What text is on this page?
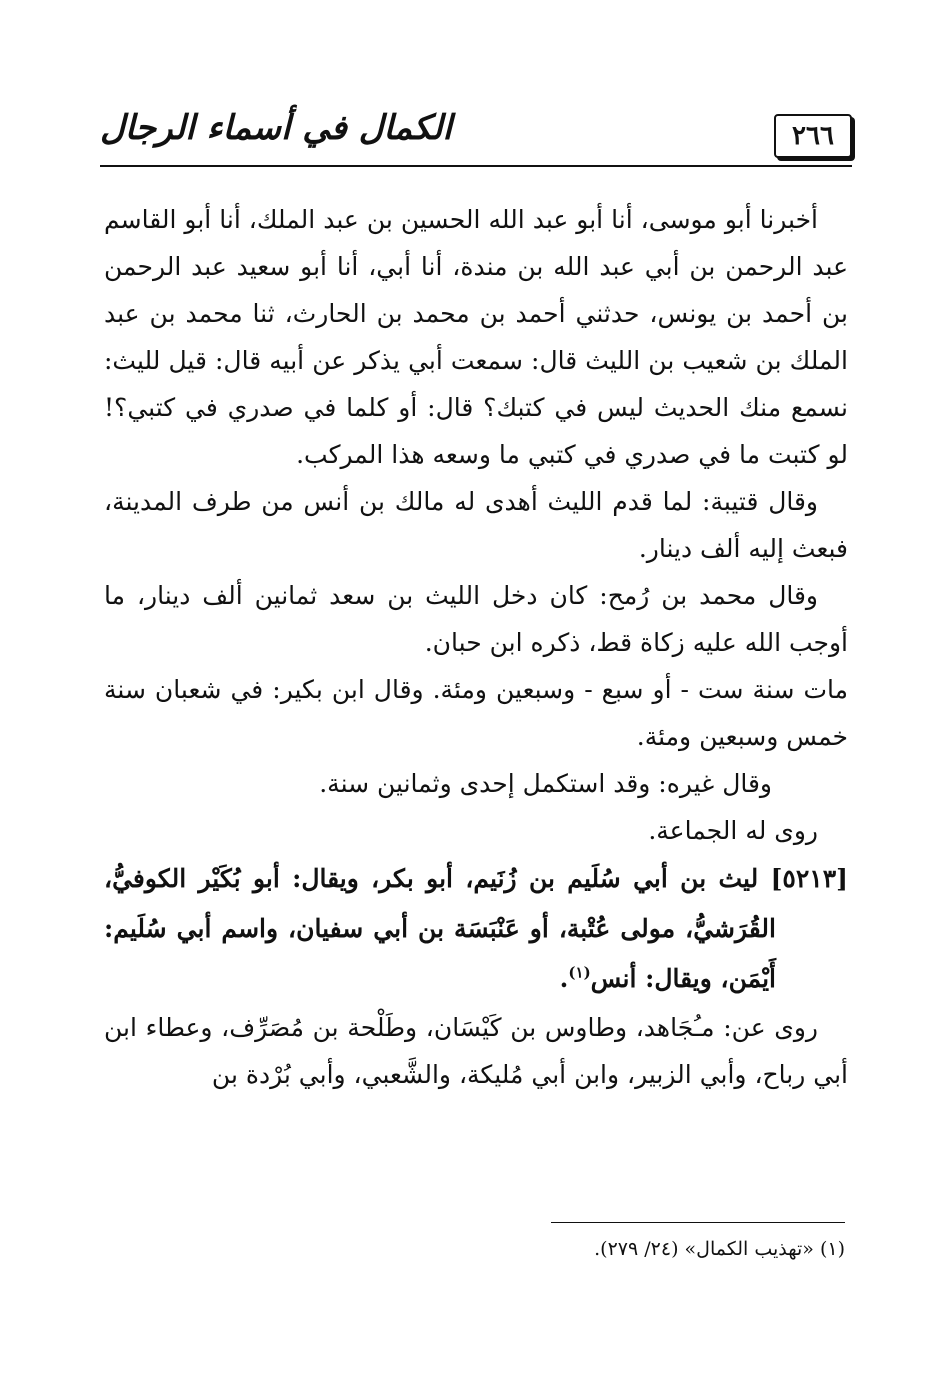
٢٦٦
الكمال في أسماء الرجال

أخبرنا أبو موسى، أنا أبو عبد الله الحسين بن عبد الملك، أنا أبو القاسم عبد الرحمن بن أبي عبد الله بن مندة، أنا أبي، أنا أبو سعيد عبد الرحمن بن أحمد بن يونس، حدثني أحمد بن محمد بن الحارث، ثنا محمد بن عبد الملك بن شعيب بن الليث قال: سمعت أبي يذكر عن أبيه قال: قيل لليث: نسمع منك الحديث ليس في كتبك؟ قال: أو كلما في صدري في كتبي؟! لو كتبت ما في صدري في كتبي ما وسعه هذا المركب.

وقال قتيبة: لما قدم الليث أهدى له مالك بن أنس من طرف المدينة، فبعث إليه ألف دينار.

وقال محمد بن رُمح: كان دخل الليث بن سعد ثمانين ألف دينار، ما أوجب الله عليه زكاة قط، ذكره ابن حبان.

مات سنة ست - أو سبع - وسبعين ومئة. وقال ابن بكير: في شعبان سنة خمس وسبعين ومئة.

وقال غيره: وقد استكمل إحدى وثمانين سنة.

روى له الجماعة.

[٥٢١٣] ليث بن أبي سُلَيم بن زُنَيم، أبو بكر، ويقال: أبو بُكَيْر الكوفيُّ، القُرَشيُّ، مولى عُتْبة، أو عَنْبَسَة بن أبي سفيان، واسم أبي سُلَيم: أَيْمَن، ويقال: أنس$^{(١)}$.

روى عن: مـُجَاهد، وطاوس بن كَيْسَان، وطَلْحة بن مُصَرِّف، وعطاء ابن أبي رباح، وأبي الزبير، وابن أبي مُليكة، والشَّعبي، وأبي بُرْدة بن

(١) «تهذيب الكمال» (٢٤/ ٢٧٩).
